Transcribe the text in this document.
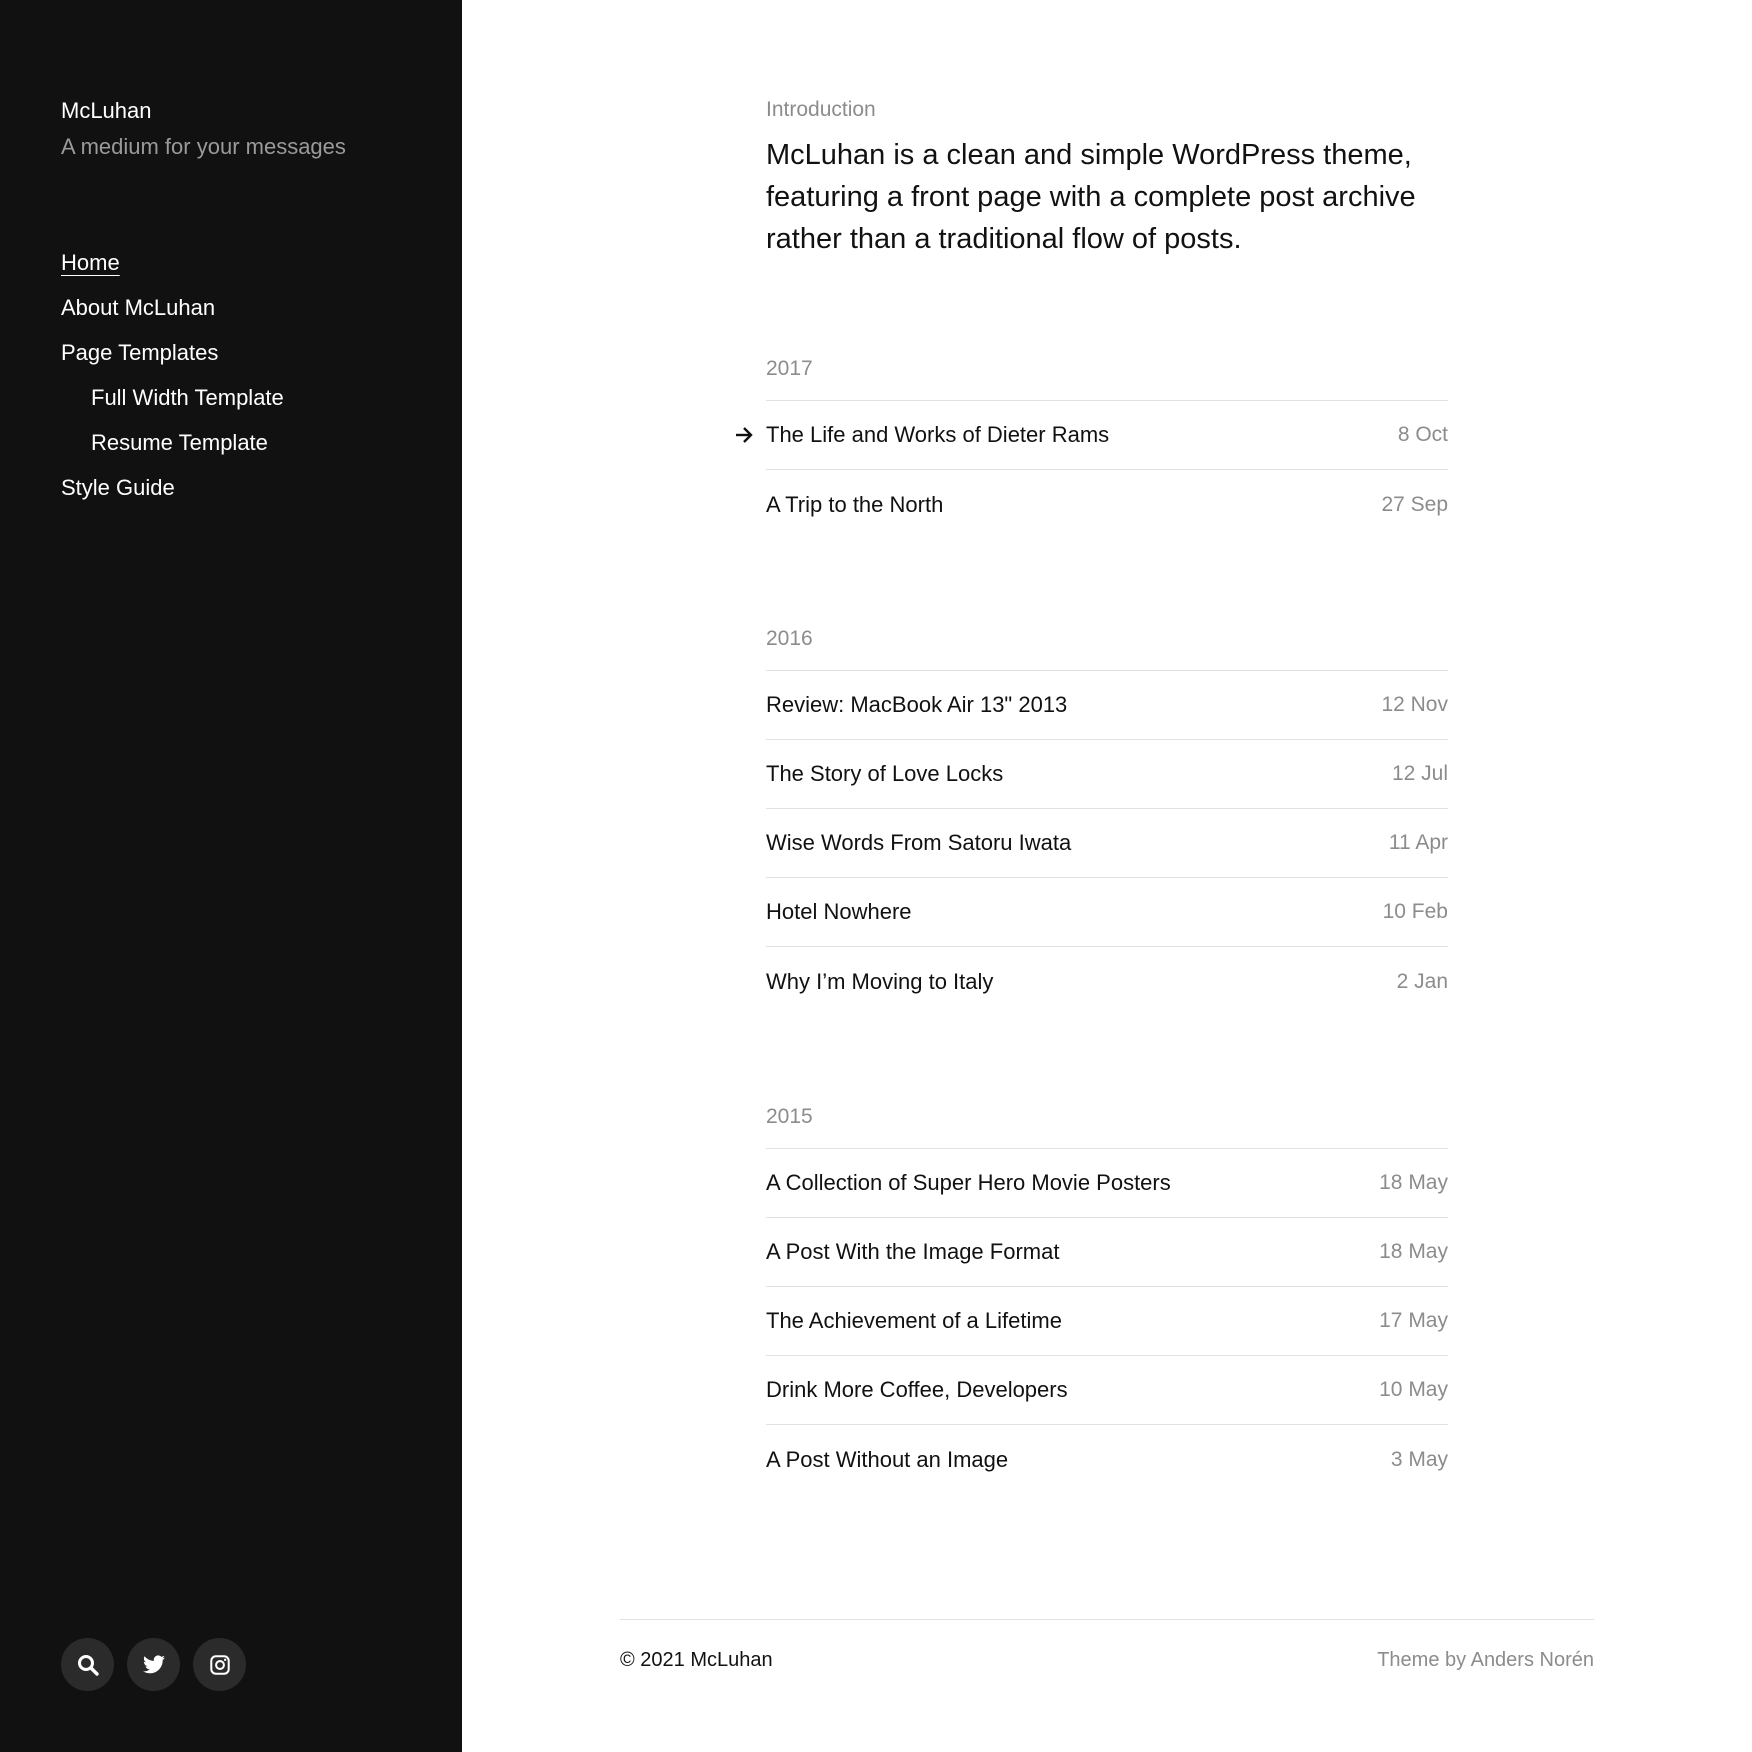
McLuhan
A medium for your messages
Home
About McLuhan
Page Templates
Full Width Template
Resume Template
Style Guide
Introduction

McLuhan is a clean and simple WordPress theme, featuring a front page with a complete post archive rather than a traditional flow of posts.

2017
The Life and Works of Dieter Rams	8 Oct
A Trip to the North	27 Sep
2016
Review: MacBook Air 13" 2013	12 Nov
The Story of Love Locks	12 Jul
Wise Words From Satoru Iwata	11 Apr
Hotel Nowhere	10 Feb
Why I’m Moving to Italy	2 Jan
2015
A Collection of Super Hero Movie Posters	18 May
A Post With the Image Format	18 May
The Achievement of a Lifetime	17 May
Drink More Coffee, Developers	10 May
A Post Without an Image	3 May
© 2021 McLuhan	Theme by Anders Norén
